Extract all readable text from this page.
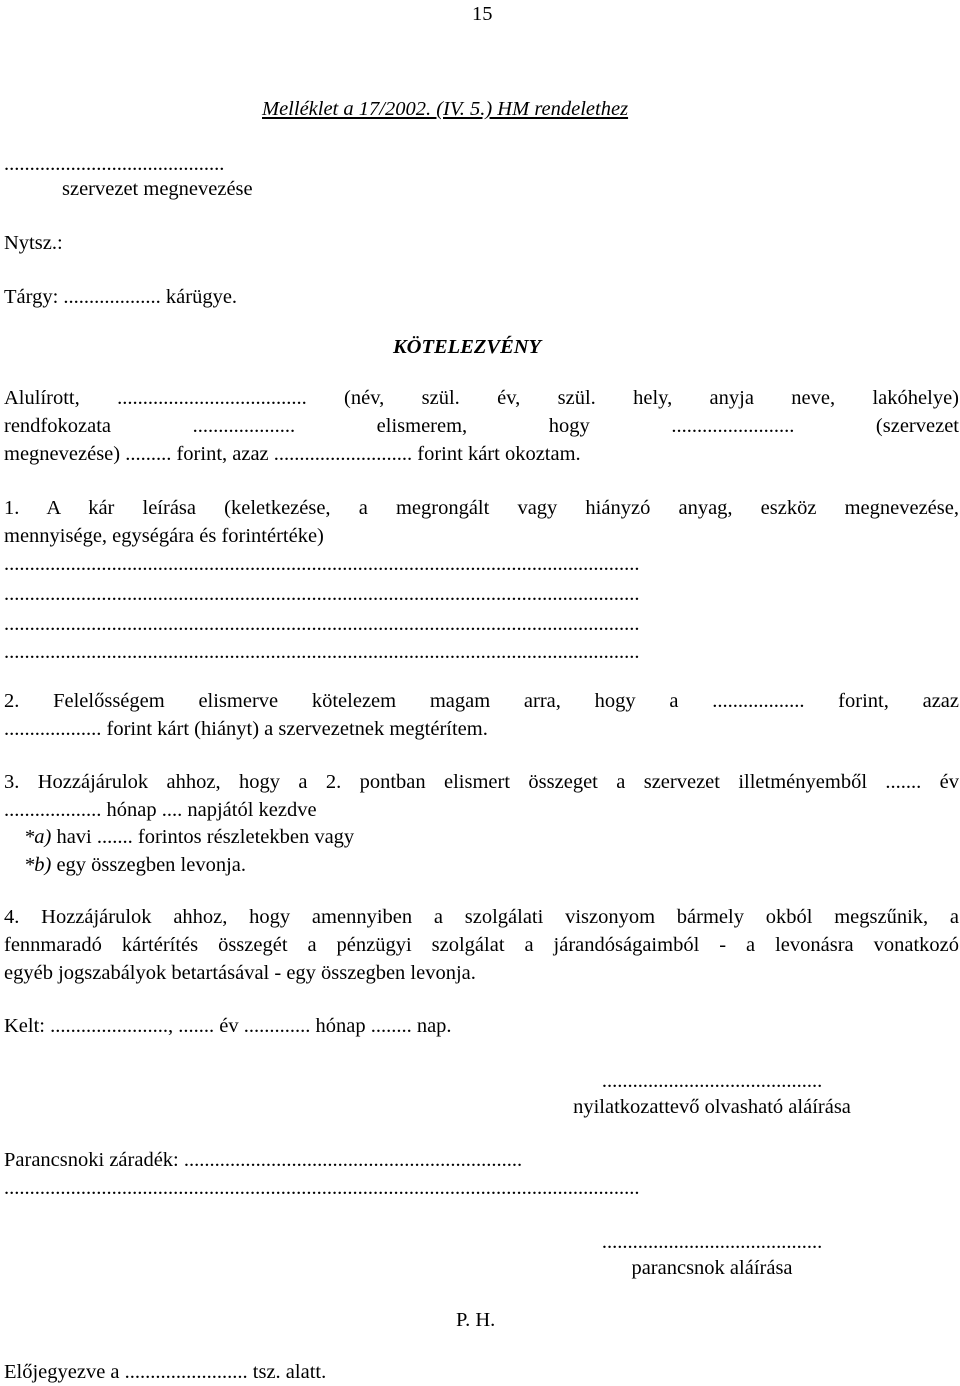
15
Melléklet a 17/2002. (IV. 5.) HM rendelethez
...........................................
szervezet megnevezése
Nytsz.:
Tárgy: ................... kárügye.
KÖTELEZVÉNY
Alulírott, ..................................... (név, szül. év, szül. hely, anyja neve, lakóhelye)
rendfokozata .................... elismerem, hogy ........................ (szervezet
megnevezése) ......... forint, azaz ........................... forint kárt okoztam.
1. A kár leírása (keletkezése, a megrongált vagy hiányzó anyag, eszköz megnevezése,
mennyisége, egységára és forintértéke)
............................................................................................................................
............................................................................................................................
............................................................................................................................
............................................................................................................................
2. Felelősségem elismerve kötelezem magam arra, hogy a .................. forint, azaz
................... forint kárt (hiányt) a szervezetnek megtérítem.
3. Hozzájárulok ahhoz, hogy a 2. pontban elismert összeget a szervezet illetményemből ....... év
................... hónap .... napjától kezdve
*a) havi ....... forintos részletekben vagy
*b) egy összegben levonja.
4. Hozzájárulok ahhoz, hogy amennyiben a szolgálati viszonyom bármely okból megszűnik, a
fennmaradó kártérítés összegét a pénzügyi szolgálat a járandóságaimból - a levonásra vonatkozó
egyéb jogszabályok betartásával - egy összegben levonja.
Kelt: ......................., ....... év ............. hónap ........ nap.
...........................................
nyilatkozattevő olvasható aláírása
Parancsnoki záradék: ..................................................................
............................................................................................................................
...........................................
parancsnok aláírása
P. H.
Előjegyezve a ........................ tsz. alatt.
